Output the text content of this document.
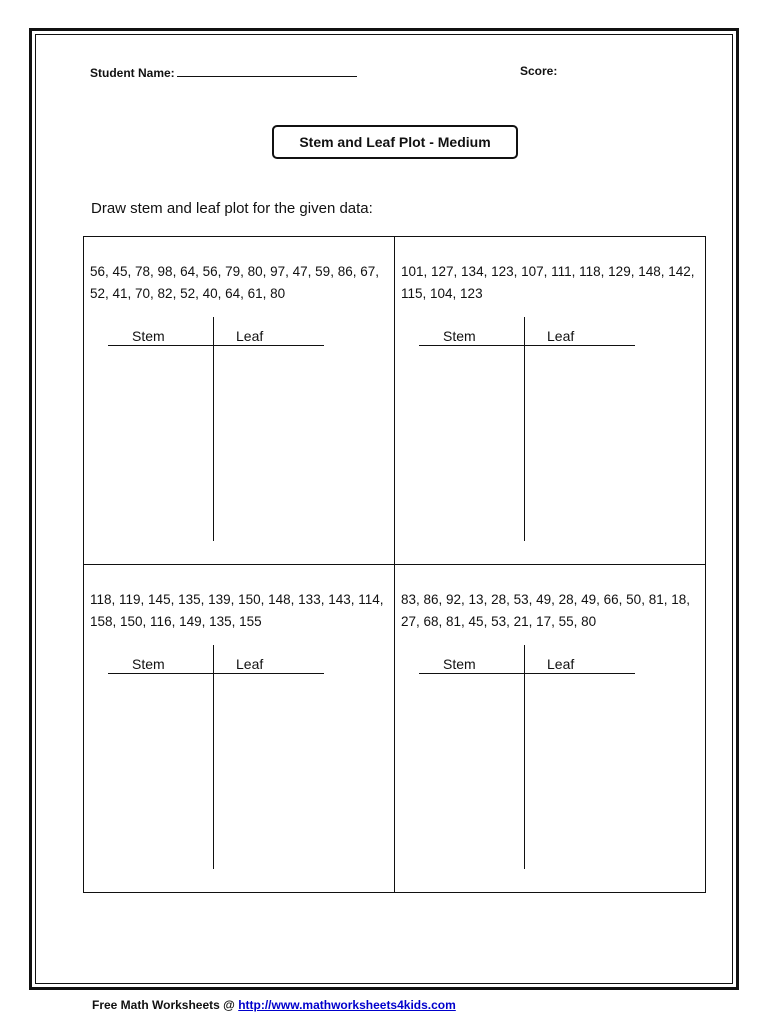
Student Name:	Score:
Stem and Leaf Plot - Medium
Draw stem and leaf plot for the given data:
56, 45, 78, 98, 64, 56, 79, 80, 97, 47, 59, 86, 67, 52, 41, 70, 82, 52, 40, 64, 61, 80
Stem	Leaf
101, 127, 134, 123, 107, 111, 118, 129, 148, 142, 115, 104, 123
Stem	Leaf
118, 119, 145, 135, 139, 150, 148, 133, 143, 114, 158, 150, 116, 149, 135, 155
Stem	Leaf
83, 86, 92, 13, 28, 53, 49, 28, 49, 66, 50, 81, 18, 27, 68, 81, 45, 53, 21, 17, 55, 80
Stem	Leaf
Free Math Worksheets @ http://www.mathworksheets4kids.com
